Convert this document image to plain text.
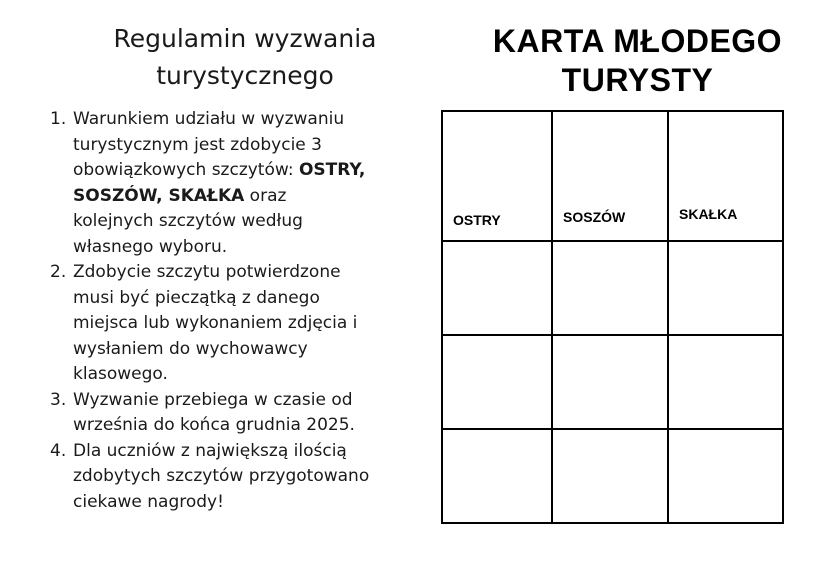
Regulamin wyzwania turystycznego
1. Warunkiem udziału w wyzwaniu turystycznym jest zdobycie 3 obowiązkowych szczytów: OSTRY, SOSZÓW, SKAŁKA oraz kolejnych szczytów według własnego wyboru.
2. Zdobycie szczytu potwierdzone musi być pieczątką z danego miejsca lub wykonaniem zdjęcia i wysłaniem do wychowawcy klasowego.
3. Wyzwanie przebiega w czasie od września do końca grudnia 2025.
4. Dla uczniów z największą ilością zdobytych szczytów przygotowano ciekawe nagrody!
KARTA MŁODEGO TURYSTY
OSTRY	SOSZÓW	SKAŁKA
